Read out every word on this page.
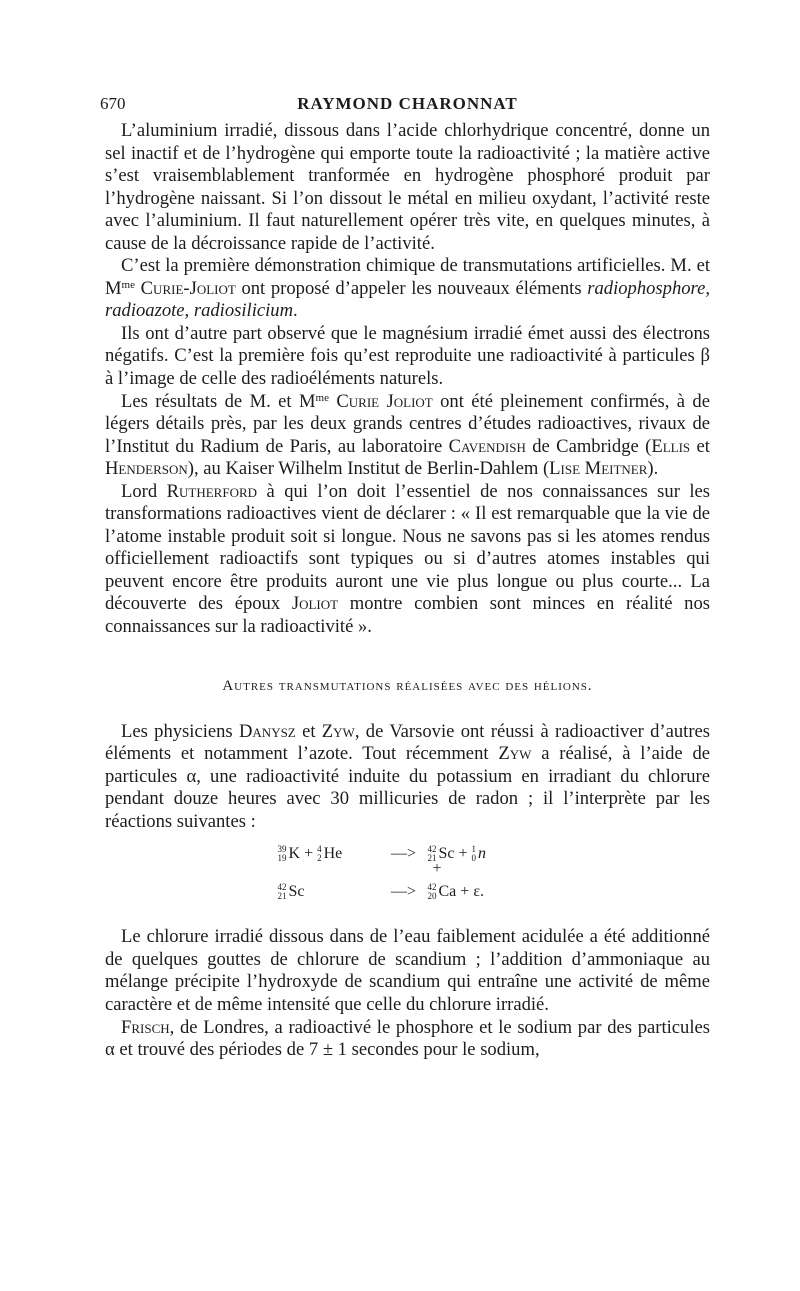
670	RAYMOND CHARONNAT

L’aluminium irradié, dissous dans l’acide chlorhydrique concentré, donne un sel inactif et de l’hydrogène qui emporte toute la radioactivité ; la matière active s’est vraisemblablement tranformée en hydrogène phosphoré produit par l’hydrogène naissant. Si l’on dissout le métal en milieu oxydant, l’activité reste avec l’aluminium. Il faut naturellement opérer très vite, en quelques minutes, à cause de la décroissance rapide de l’activité.

C’est la première démonstration chimique de transmutations artificielles. M. et $M^{me}$ Curie-Joliot ont proposé d’appeler les nouveaux éléments radiophosphore, radioazote, radiosilicium.

Ils ont d’autre part observé que le magnésium irradié émet aussi des électrons négatifs. C’est la première fois qu’est reproduite une radioactivité à particules β à l’image de celle des radioéléments naturels.

Les résultats de M. et $M^{me}$ Curie Joliot ont été pleinement confirmés, à de légers détails près, par les deux grands centres d’études radioactives, rivaux de l’Institut du Radium de Paris, au laboratoire Cavendish de Cambridge (Ellis et Henderson), au Kaiser Wilhelm Institut de Berlin-Dahlem (Lise Meitner).

Lord Rutherford à qui l’on doit l’essentiel de nos connaissances sur les transformations radioactives vient de déclarer : « Il est remarquable que la vie de l’atome instable produit soit si longue. Nous ne savons pas si les atomes rendus officiellement radioactifs sont typiques ou si d’autres atomes instables qui peuvent encore être produits auront une vie plus longue ou plus courte... La découverte des époux Joliot montre combien sont minces en réalité nos connaissances sur la radioactivité ».

Autres transmutations réalisées avec des hélions.

Les physiciens Danysz et Zyw, de Varsovie ont réussi à radioactiver d’autres éléments et notamment l’azote. Tout récemment Zyw a réalisé, à l’aide de particules α, une radioactivité induite du potassium en irradiant du chlorure pendant douze heures avec 30 millicuries de radon ; il l’interprète par les réactions suivantes :

39
19 K + 4
2 He	—>	42
21 Sc + 1
0 n
+
42
21 Sc	—>	42
20 Ca + ε.

Le chlorure irradié dissous dans de l’eau faiblement acidulée a été additionné de quelques gouttes de chlorure de scandium ; l’addition d’ammoniaque au mélange précipite l’hydroxyde de scandium qui entraîne une activité de même caractère et de même intensité que celle du chlorure irradié.

Frisch, de Londres, a radioactivé le phosphore et le sodium par des particules α et trouvé des périodes de 7 ± 1 secondes pour le sodium,
